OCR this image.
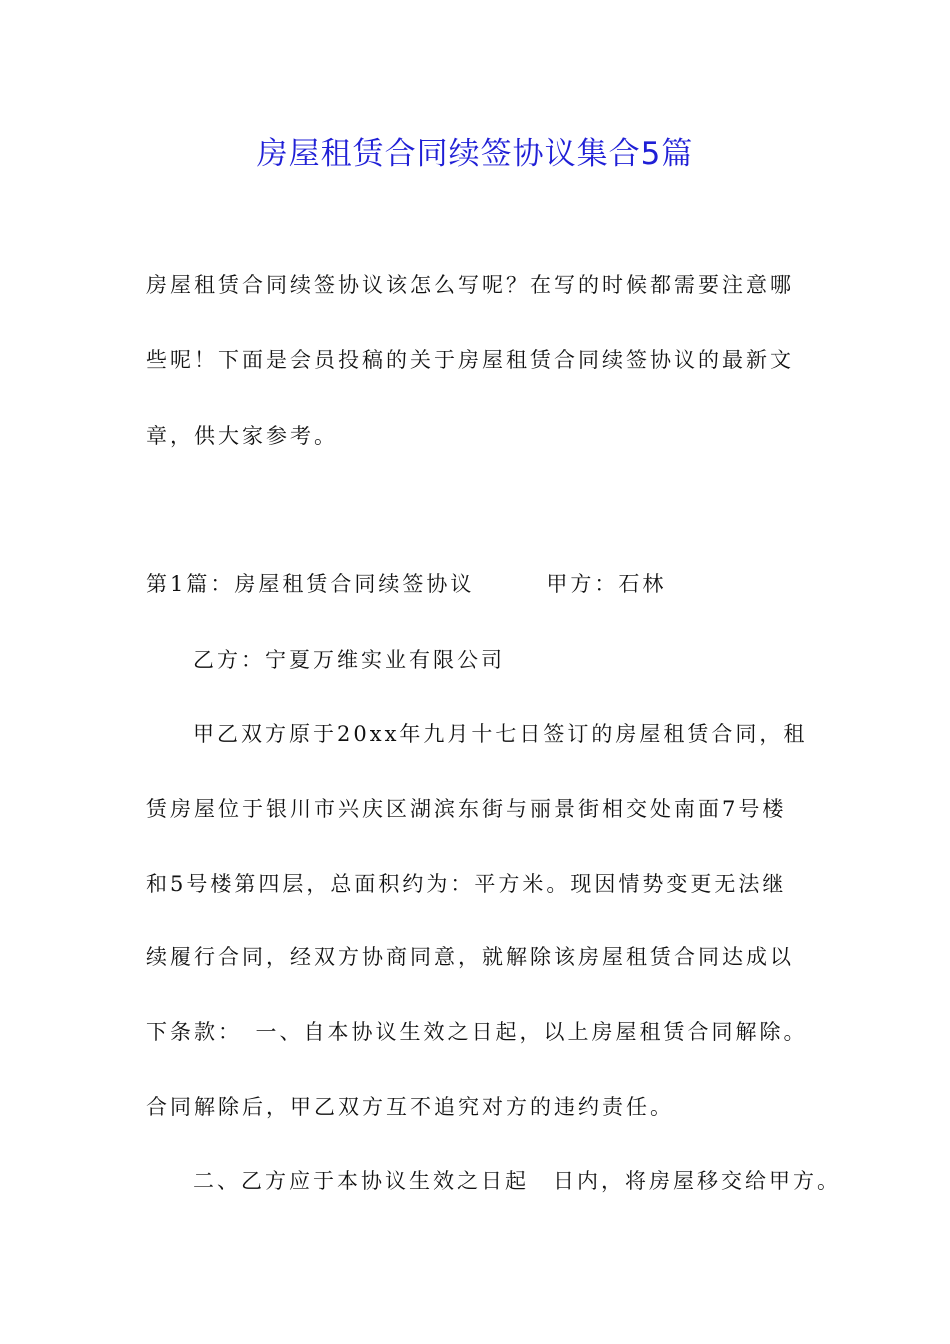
房屋租赁合同续签协议集合5篇
房屋租赁合同续签协议该怎么写呢？在写的时候都需要注意哪
些呢！下面是会员投稿的关于房屋租赁合同续签协议的最新文
章，供大家参考。
第1篇：房屋租赁合同续签协议　　　甲方：石林
乙方：宁夏万维实业有限公司
甲乙双方原于20xx年九月十七日签订的房屋租赁合同，租
赁房屋位于银川市兴庆区湖滨东街与丽景街相交处南面7号楼
和5号楼第四层，总面积约为：平方米。现因情势变更无法继
续履行合同，经双方协商同意，就解除该房屋租赁合同达成以
下条款：　一、自本协议生效之日起，以上房屋租赁合同解除。
合同解除后，甲乙双方互不追究对方的违约责任。
二、乙方应于本协议生效之日起　日内，将房屋移交给甲方。
